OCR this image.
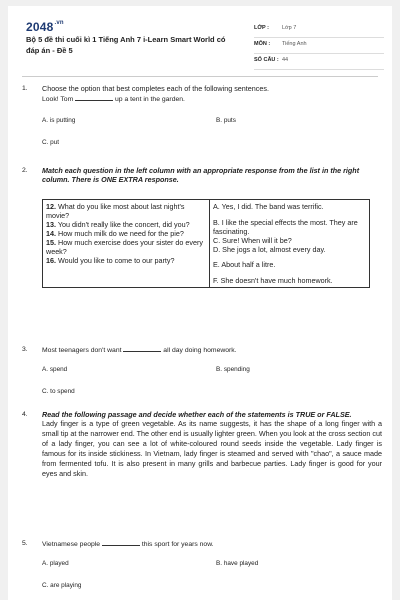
$2048^{.vn}$
Bộ 5 đề thi cuối kì 1 Tiếng Anh 7 i-Learn Smart World có đáp án - Đề 5
LỚP : Lớp 7
MÔN : Tiếng Anh
SỐ CÂU : 44
1.	Choose the option that best completes each of the following sentences.
Look! Tom	up a tent in the garden.
A. is putting	B. puts
C. put
2.	Match each question in the left column with an appropriate response from the list in the right column. There is ONE EXTRA response.
12. What do you like most about last night's movie?
13. You didn't really like the concert, did you?
14. How much milk do we need for the pie?
15. How much exercise does your sister do every week?
16. Would you like to come to our party?

A. Yes, I did. The band was terrific.
B. I like the special effects the most. They are fascinating.
C. Sure! When will it be?
D. She jogs a lot, almost every day.
E. About half a litre.
F. She doesn't have much homework.
3.	Most teenagers don't want	all day doing homework.
A. spend	B. spending
C. to spend
4.	Read the following passage and decide whether each of the statements is TRUE or FALSE.
Lady finger is a type of green vegetable. As its name suggests, it has the shape of a long finger with a small tip at the narrower end. The other end is usually lighter green. When you look at the cross section cut of a lady finger, you can see a lot of white-coloured round seeds inside the vegetable. Lady finger is famous for its inside stickiness. In Vietnam, lady finger is steamed and served with "chao", a sauce made from fermented tofu. It is also present in many grills and barbecue parties. Lady finger is good for your eyes and skin.
5.	Vietnamese people	this sport for years now.
A. played	B. have played
C. are playing
